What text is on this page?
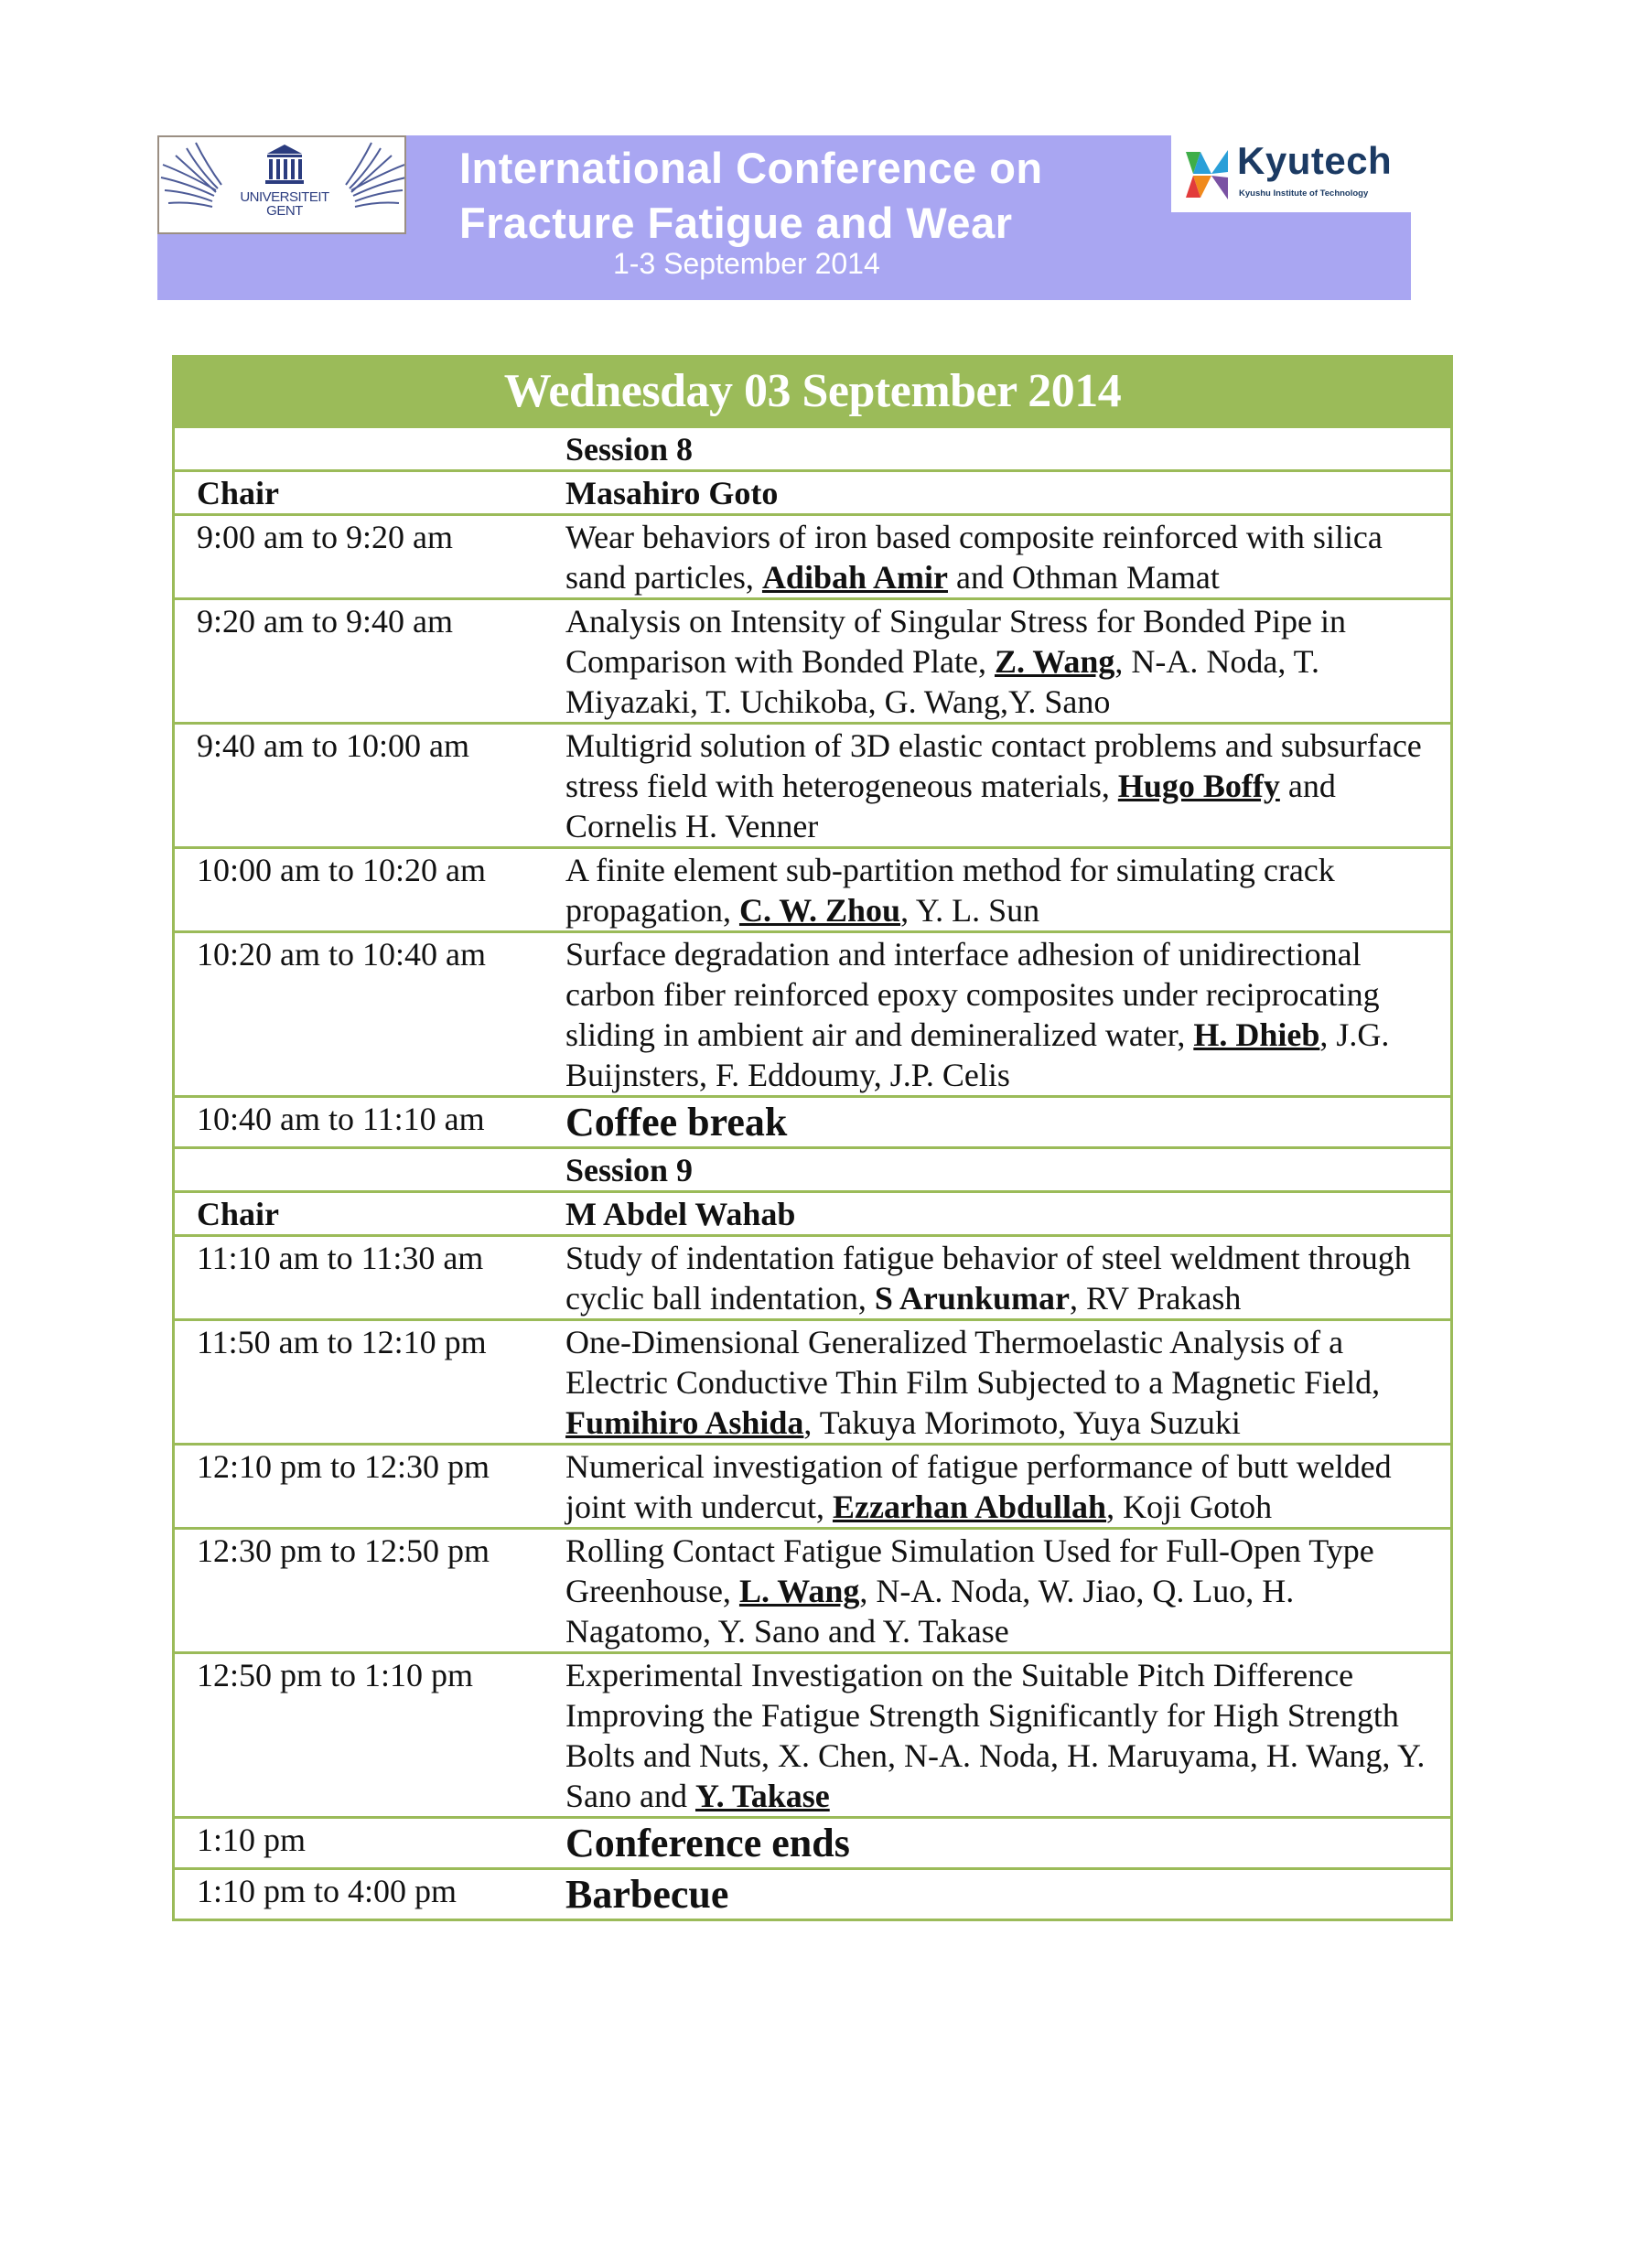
UNIVERSITEIT
GENT
International Conference on
Fracture Fatigue and Wear
1-3 September 2014
Kyutech
Kyushu Institute of Technology
Wednesday 03 September 2014
Session 8
Chair	Masahiro Goto
9:00 am to 9:20 am	Wear behaviors of iron based composite reinforced with silica sand particles, Adibah Amir and Othman Mamat
9:20 am to 9:40 am	Analysis on Intensity of Singular Stress for Bonded Pipe in Comparison with Bonded Plate, Z. Wang, N-A. Noda, T. Miyazaki, T. Uchikoba, G. Wang,Y. Sano
9:40 am to 10:00 am	Multigrid solution of 3D elastic contact problems and subsurface stress field with heterogeneous materials, Hugo Boffy and Cornelis H. Venner
10:00 am to 10:20 am	A finite element sub-partition method for simulating crack propagation, C. W. Zhou, Y. L. Sun
10:20 am to 10:40 am	Surface degradation and interface adhesion of unidirectional carbon fiber reinforced epoxy composites under reciprocating sliding in ambient air and demineralized water, H. Dhieb, J.G. Buijnsters, F. Eddoumy, J.P. Celis
10:40 am to 11:10 am	Coffee break
Session 9
Chair	M Abdel Wahab
11:10 am to 11:30 am	Study of indentation fatigue behavior of steel weldment through cyclic ball indentation, S Arunkumar, RV Prakash
11:50 am to 12:10 pm	One-Dimensional Generalized Thermoelastic Analysis of a Electric Conductive Thin Film Subjected to a Magnetic Field, Fumihiro Ashida, Takuya Morimoto, Yuya Suzuki
12:10 pm to 12:30 pm	Numerical investigation of fatigue performance of butt welded joint with undercut, Ezzarhan Abdullah, Koji Gotoh
12:30 pm to 12:50 pm	Rolling Contact Fatigue Simulation Used for Full-Open Type Greenhouse, L. Wang, N-A. Noda, W. Jiao, Q. Luo, H. Nagatomo, Y. Sano and Y. Takase
12:50 pm to 1:10 pm	Experimental Investigation on the Suitable Pitch Difference Improving the Fatigue Strength Significantly for High Strength Bolts and Nuts, X. Chen, N-A. Noda, H. Maruyama, H. Wang, Y. Sano and Y. Takase
1:10 pm	Conference ends
1:10 pm to 4:00 pm	Barbecue
